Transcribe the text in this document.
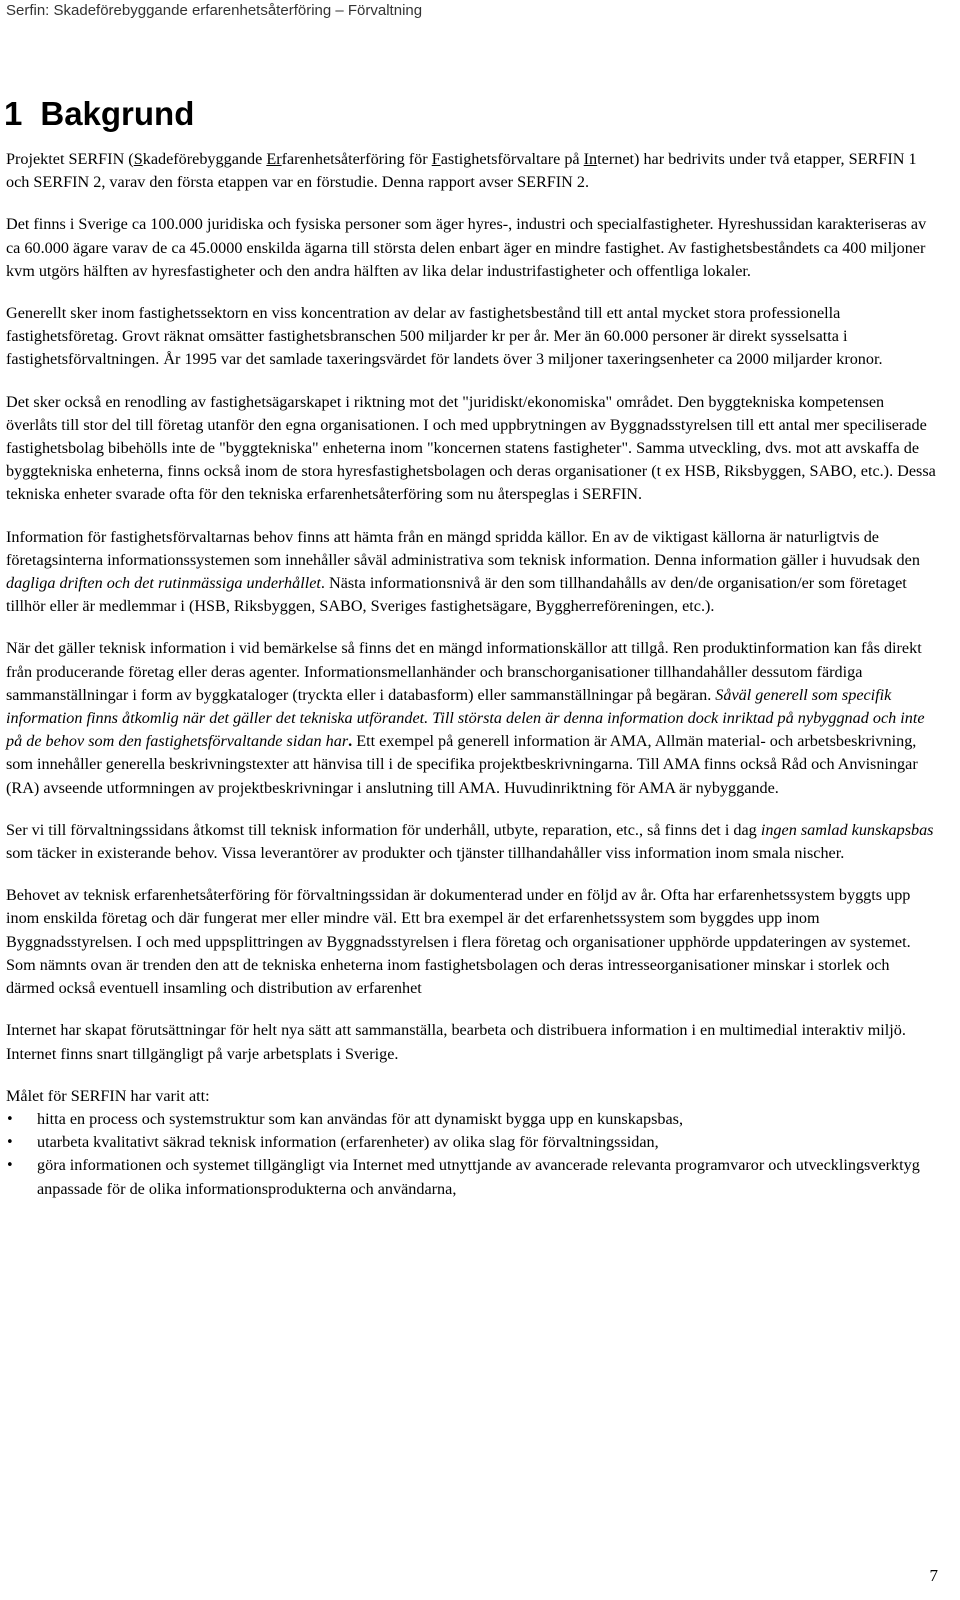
Serfin: Skadeförebyggande erfarenhetsåterföring – Förvaltning
1 Bakgrund

Projektet SERFIN (Skadeförebyggande Erfarenhetsåterföring för Fastighetsförvaltare på Internet) har bedrivits under två etapper, SERFIN 1 och SERFIN 2, varav den första etappen var en förstudie. Denna rapport avser SERFIN 2.

Det finns i Sverige ca 100.000 juridiska och fysiska personer som äger hyres-, industri och specialfastigheter. Hyreshussidan karakteriseras av ca 60.000 ägare varav de ca 45.0000 enskilda ägarna till största delen enbart äger en mindre fastighet. Av fastighetsbeståndets ca 400 miljoner kvm utgörs hälften av hyresfastigheter och den andra hälften av lika delar industrifastigheter och offentliga lokaler.

Generellt sker inom fastighetssektorn en viss koncentration av delar av fastighetsbestånd till ett antal mycket stora professionella fastighetsföretag. Grovt räknat omsätter fastighetsbranschen 500 miljarder kr per år. Mer än 60.000 personer är direkt sysselsatta i fastighetsförvaltningen. År 1995 var det samlade taxeringsvärdet för landets över 3 miljoner taxeringsenheter ca 2000 miljarder kronor.

Det sker också en renodling av fastighetsägarskapet i riktning mot det "juridiskt/ekonomiska" området. Den byggtekniska kompetensen överlåts till stor del till företag utanför den egna organisationen. I och med uppbrytningen av Byggnadsstyrelsen till ett antal mer speciliserade fastighetsbolag bibehölls inte de "byggtekniska" enheterna inom "koncernen statens fastigheter". Samma utveckling, dvs. mot att avskaffa de byggtekniska enheterna, finns också inom de stora hyresfastighetsbolagen och deras organisationer (t ex HSB, Riksbyggen, SABO, etc.). Dessa tekniska enheter svarade ofta för den tekniska erfarenhetsåterföring som nu återspeglas i SERFIN.

Information för fastighetsförvaltarnas behov finns att hämta från en mängd spridda källor. En av de viktigast källorna är naturligtvis de företagsinterna informationssystemen som innehåller såväl administrativa som teknisk information. Denna information gäller i huvudsak den dagliga driften och det rutinmässiga underhållet. Nästa informationsnivå är den som tillhandahålls av den/de organisation/er som företaget tillhör eller är medlemmar i (HSB, Riksbyggen, SABO, Sveriges fastighetsägare, Byggherreföreningen, etc.).

När det gäller teknisk information i vid bemärkelse så finns det en mängd informationskällor att tillgå. Ren produktinformation kan fås direkt från producerande företag eller deras agenter. Informationsmellanhänder och branschorganisationer tillhandahåller dessutom färdiga sammanställningar i form av byggkataloger (tryckta eller i databasform) eller sammanställningar på begäran. Såväl generell som specifik information finns åtkomlig när det gäller det tekniska utförandet. Till största delen är denna information dock inriktad på nybyggnad och inte på de behov som den fastighetsförvaltande sidan har. Ett exempel på generell information är AMA, Allmän material- och arbetsbeskrivning, som innehåller generella beskrivningstexter att hänvisa till i de specifika projektbeskrivningarna. Till AMA finns också Råd och Anvisningar (RA) avseende utformningen av projektbeskrivningar i anslutning till AMA. Huvudinriktning för AMA är nybyggande.

Ser vi till förvaltningssidans åtkomst till teknisk information för underhåll, utbyte, reparation, etc., så finns det i dag ingen samlad kunskapsbas som täcker in existerande behov. Vissa leverantörer av produkter och tjänster tillhandahåller viss information inom smala nischer.

Behovet av teknisk erfarenhetsåterföring för förvaltningssidan är dokumenterad under en följd av år. Ofta har erfarenhetssystem byggts upp inom enskilda företag och där fungerat mer eller mindre väl. Ett bra exempel är det erfarenhetssystem som byggdes upp inom Byggnadsstyrelsen. I och med uppsplittringen av Byggnadsstyrelsen i flera företag och organisationer upphörde uppdateringen av systemet. Som nämnts ovan är trenden den att de tekniska enheterna inom fastighetsbolagen och deras intresseorganisationer minskar i storlek och därmed också eventuell insamling och distribution av erfarenhet

Internet har skapat förutsättningar för helt nya sätt att sammanställa, bearbeta och distribuera information i en multimedial interaktiv miljö. Internet finns snart tillgängligt på varje arbetsplats i Sverige.

Målet för SERFIN har varit att:

• hitta en process och systemstruktur som kan användas för att dynamiskt bygga upp en kunskapsbas,
• utarbeta kvalitativt säkrad teknisk information (erfarenheter) av olika slag för förvaltningssidan,
• göra informationen och systemet tillgängligt via Internet med utnyttjande av avancerade relevanta programvaror och utvecklingsverktyg anpassade för de olika informationsprodukterna och användarna,
7
